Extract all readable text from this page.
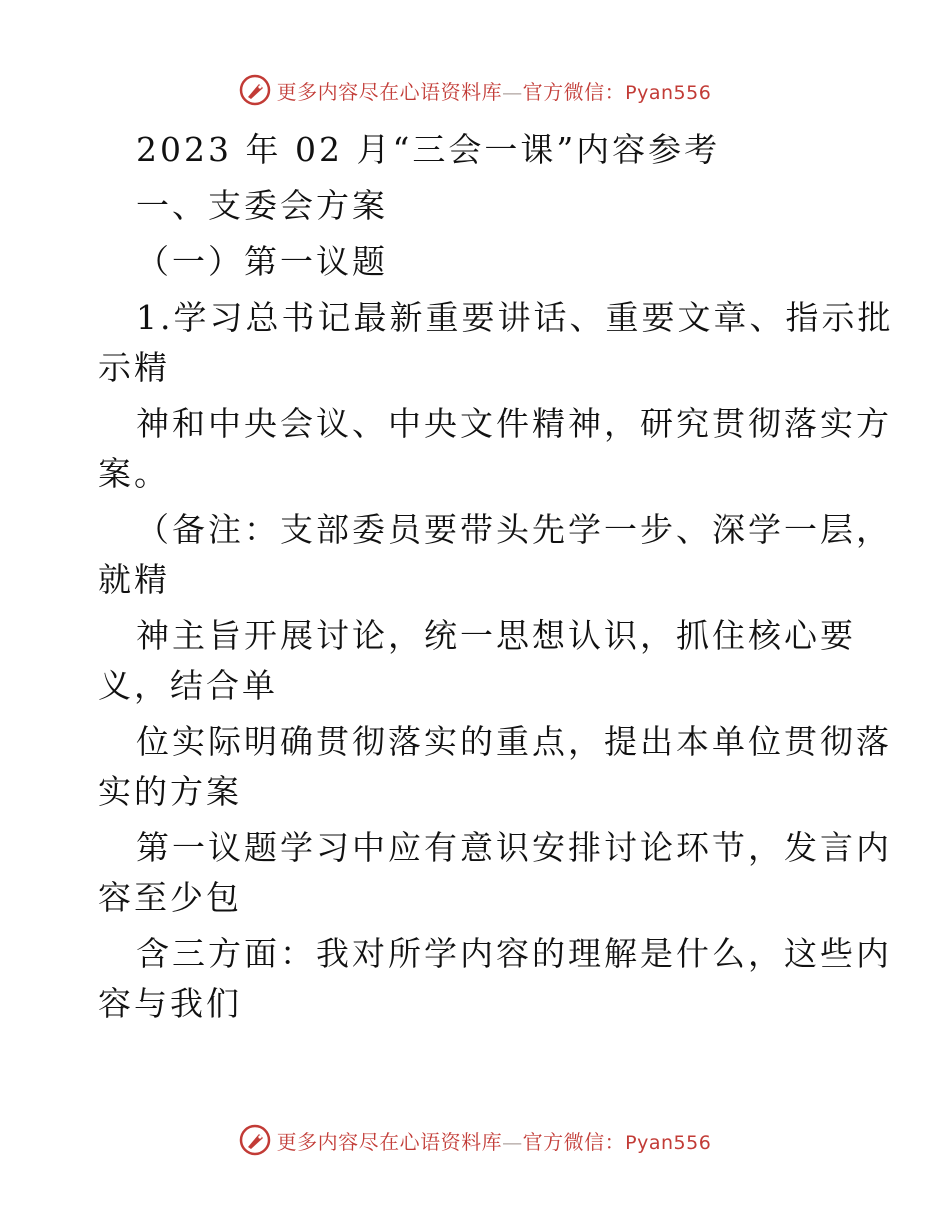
更多内容尽在心语资料库—官方微信：Pyan556
2023 年 02 月“三会一课”内容参考
一、支委会方案
（一）第一议题
1.学习总书记最新重要讲话、重要文章、指示批
示精
神和中央会议、中央文件精神，研究贯彻落实方
案。
（备注：支部委员要带头先学一步、深学一层，
就精
神主旨开展讨论，统一思想认识，抓住核心要
义，结合单
位实际明确贯彻落实的重点，提出本单位贯彻落
实的方案
第一议题学习中应有意识安排讨论环节，发言内
容至少包
含三方面：我对所学内容的理解是什么，这些内
容与我们
更多内容尽在心语资料库—官方微信：Pyan556
